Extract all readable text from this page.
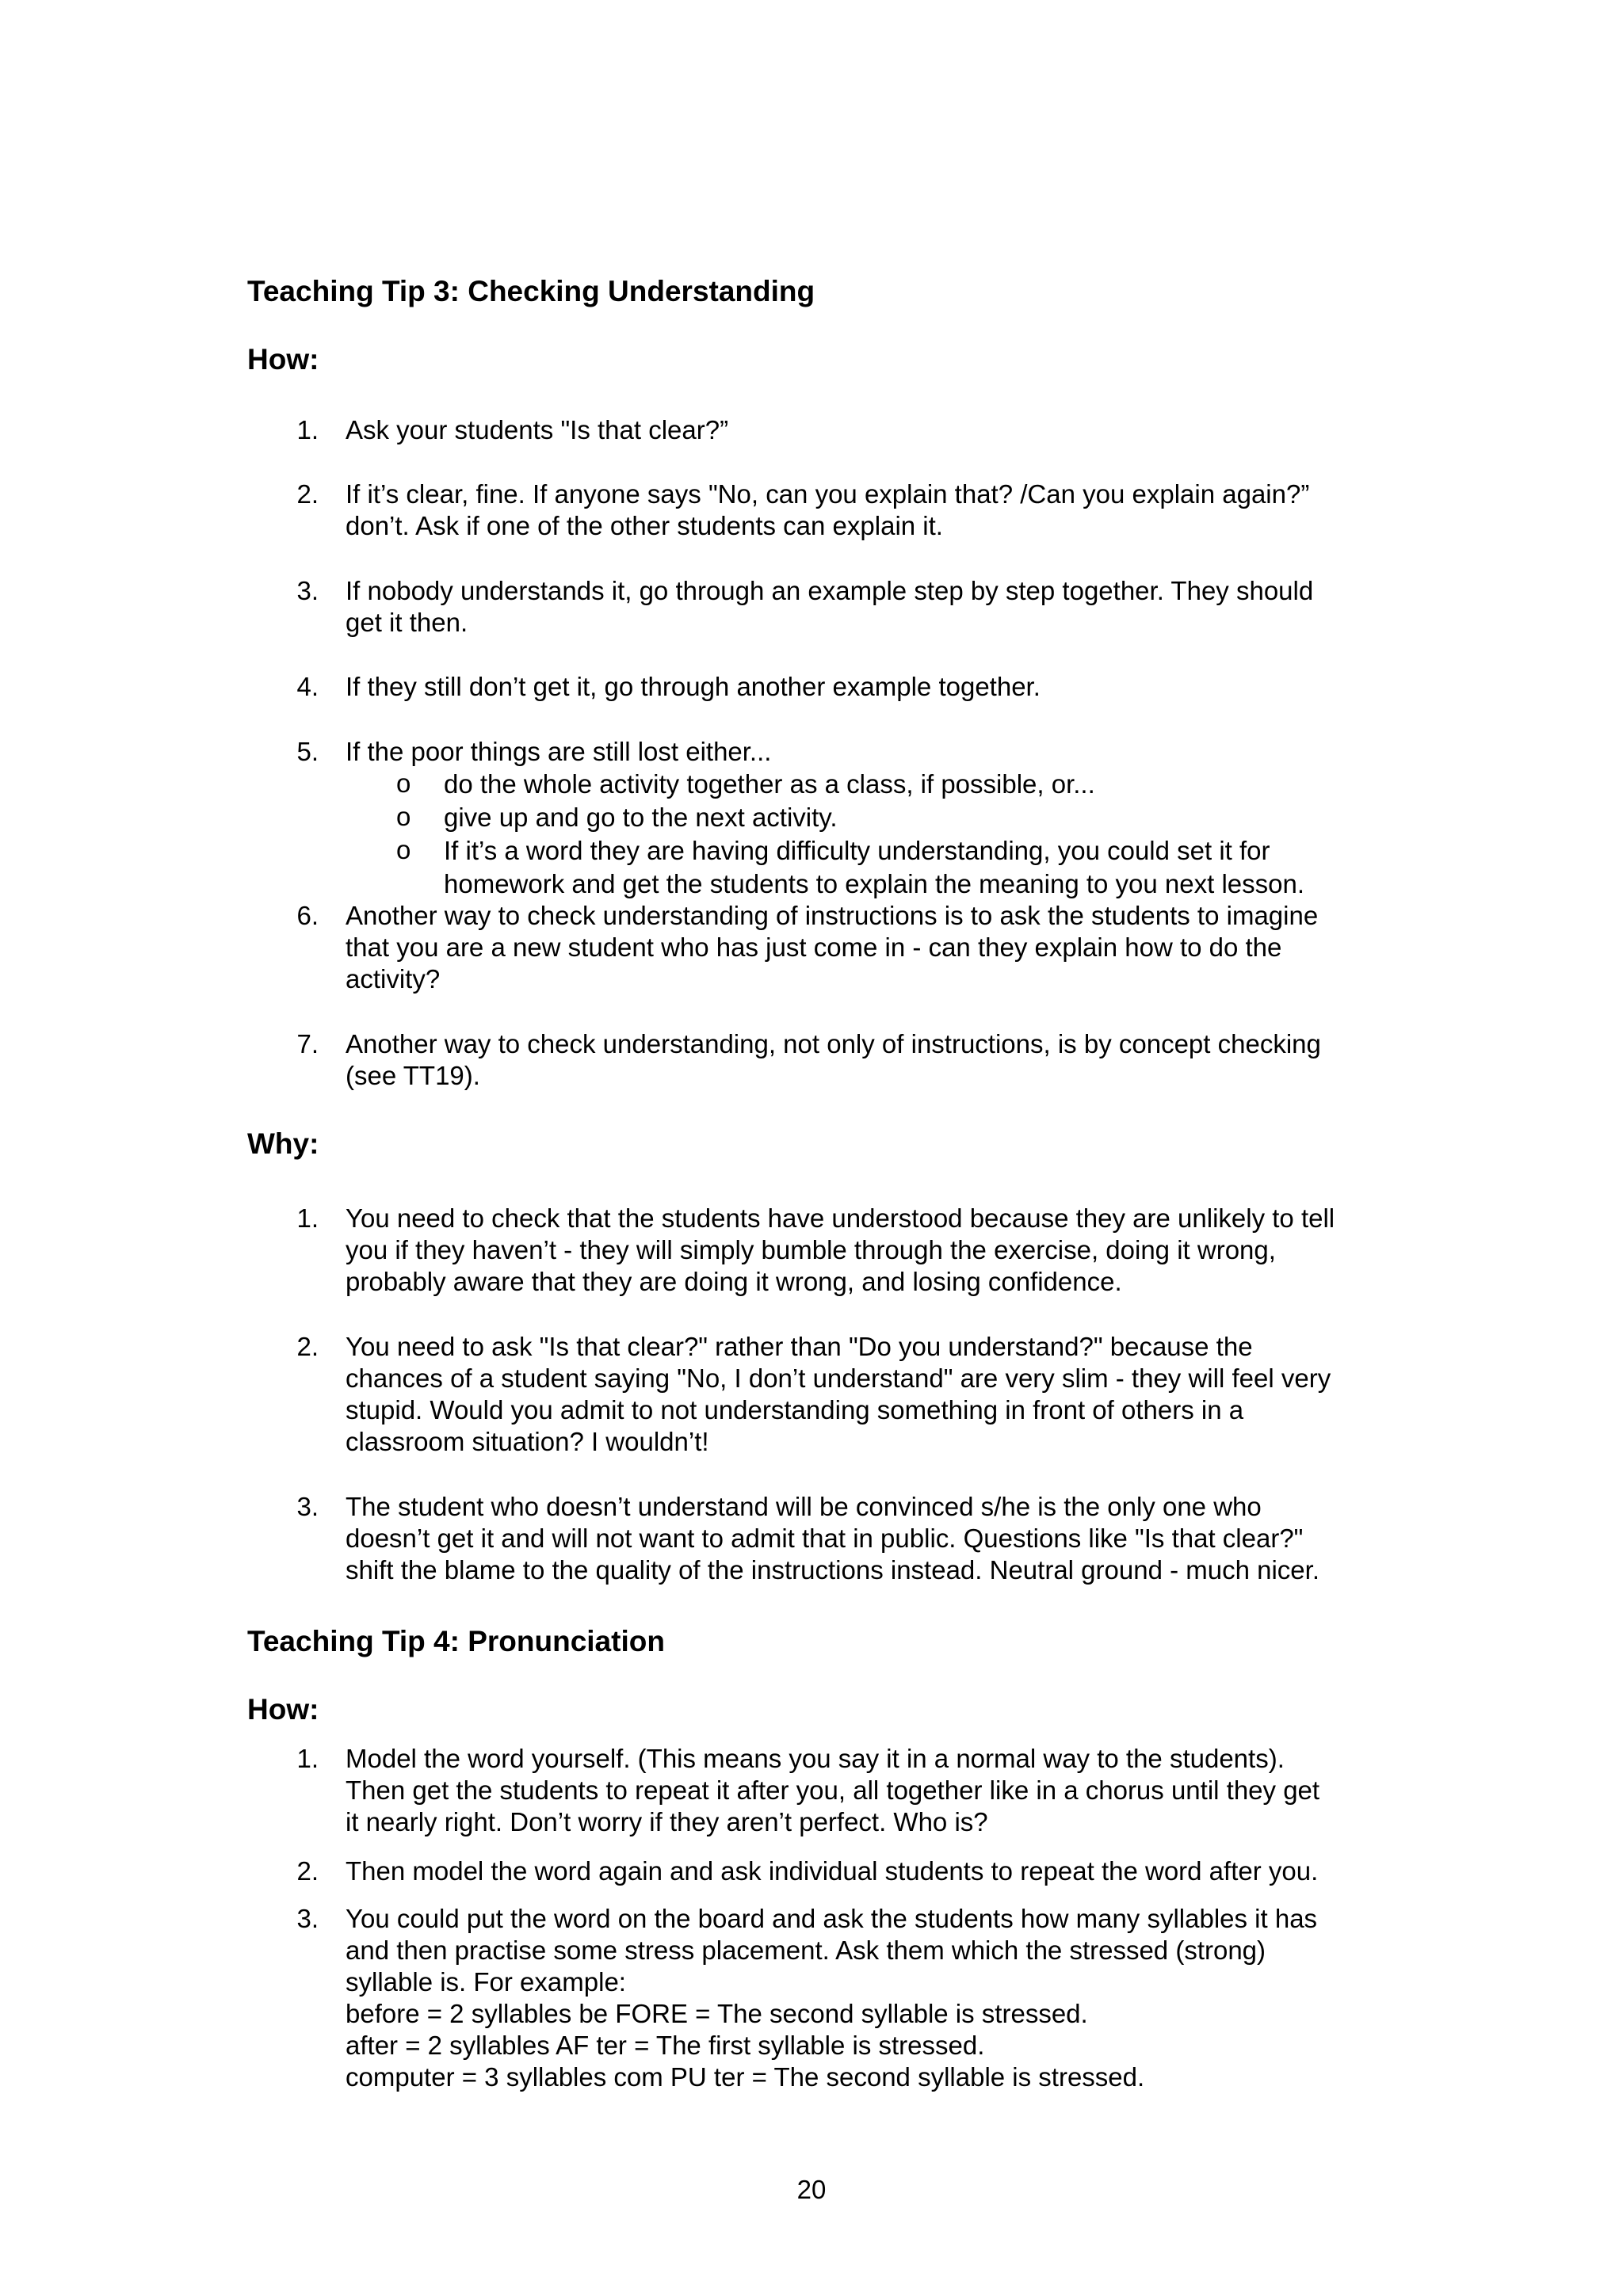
Teaching Tip 3: Checking Understanding
How:
1. Ask your students "Is that clear?”
2. If it’s clear, fine. If anyone says "No, can you explain that? /Can you explain again?”
don’t. Ask if one of the other students can explain it.
3. If nobody understands it, go through an example step by step together. They should
get it then.
4. If they still don’t get it, go through another example together.
5. If the poor things are still lost either...
o do the whole activity together as a class, if possible, or...
o give up and go to the next activity.
o If it’s a word they are having difficulty understanding, you could set it for
homework and get the students to explain the meaning to you next lesson.
6. Another way to check understanding of instructions is to ask the students to imagine
that you are a new student who has just come in - can they explain how to do the
activity?
7. Another way to check understanding, not only of instructions, is by concept checking
(see TT19).
Why:
1. You need to check that the students have understood because they are unlikely to tell
you if they haven’t - they will simply bumble through the exercise, doing it wrong,
probably aware that they are doing it wrong, and losing confidence.
2. You need to ask "Is that clear?" rather than "Do you understand?" because the
chances of a student saying "No, I don’t understand" are very slim - they will feel very
stupid. Would you admit to not understanding something in front of others in a
classroom situation? I wouldn’t!
3. The student who doesn’t understand will be convinced s/he is the only one who
doesn’t get it and will not want to admit that in public. Questions like "Is that clear?"
shift the blame to the quality of the instructions instead. Neutral ground - much nicer.
Teaching Tip 4: Pronunciation
How:
1. Model the word yourself. (This means you say it in a normal way to the students).
Then get the students to repeat it after you, all together like in a chorus until they get
it nearly right. Don’t worry if they aren’t perfect. Who is?
2. Then model the word again and ask individual students to repeat the word after you.
3. You could put the word on the board and ask the students how many syllables it has
and then practise some stress placement. Ask them which the stressed (strong)
syllable is. For example:
before = 2 syllables be FORE = The second syllable is stressed.
after = 2 syllables AF ter = The first syllable is stressed.
computer = 3 syllables com PU ter = The second syllable is stressed.
20
